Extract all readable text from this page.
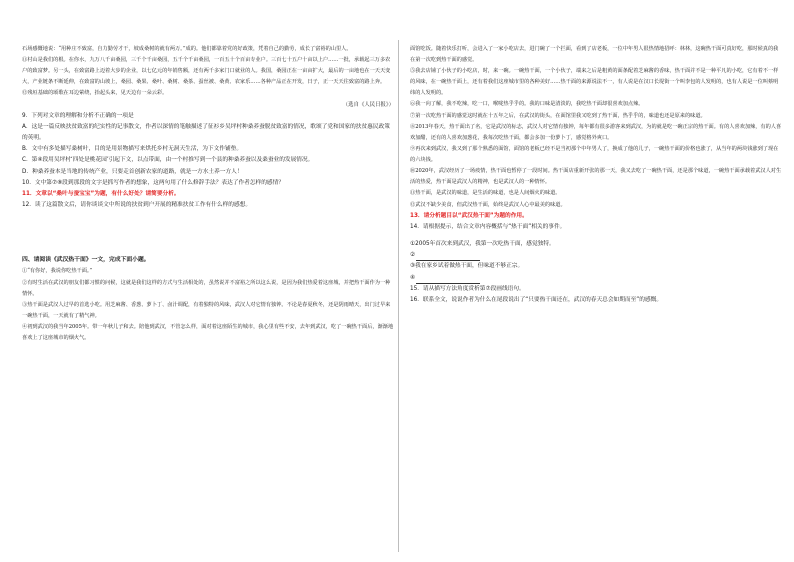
石场感慨地说：“用种庄不致富，自力勤劳才干，坡成桑树的就有两万。”成的。他们都靠着党的好政策，凭着自己的勤劳，成长了富裕的山里人。

⑪村山是我们的根。在你水，九万八千亩桑园，三千个千亩桑园，五千个千亩桑园，一百五十个百亩专业户。三百七十五户十亩以上户……一批，承载起三万多农户的致富梦。另一头，在致富路上迈着大步的企业，以七亿元的年销售额，还有两千多家门口就业的人。我国，桑园正在一亩亩扩大，最后的一亩地也在一天天变大，产业链条不断延伸，在致富的山坡上，桑园、桑果、桑叶、桑树、桑茶、蚕丝被、桑黄、农家乐……各种产品正在开发，日子，正一天天往致富的路上奔。

⑫残垣基础的颂歌在耳边萦绕，抬起头来，见天边有一朵云彩。

（选自《人民日报》）

9．下列对文章的理解和分析不正确的一项是

A．这是一篇反映扶贫致富的纪实性的记事散文，作者以深情的笔触描述了征衫乡吴坪村种桑养蚕脱贫致富的情况，歌颂了党和国家的扶贫惠民政策的英明。

B．文中有多处描写桑树叶，目的是用景物描写来烘托乡村无洞天生活，为下文作铺垫。

C．第④段用吴坪村‘四处是桃花园’引起下文，以点带面，由一个村推写到一个县的种桑养蚕以及桑蚕业的发展情况。

D．种桑养蚕本是当地的传统产业，只要走首创新农家的道路，就是一方水土养一方人！

10．文中第⑦⑧段到那段的文字是抓写作者的想象，这两句用了什么修辞手法？表达了作者怎样的感情？

11．文章以“桑叶与蚕宝宝”为题，有什么好处？请简要分析。

12．读了这篇散文后，请你谈谈文中所说的扶贫到户开展的精准扶贫工作有什么样的感想。

四、请阅读《武汉热干面》一文，完成下面小题。

①“有你好，我说你吃热干面。”

②有时生活在武汉的朋友们都习惯的问候，这就是我们这样的方式与生活相处的，虽然说并不富裕之所以这么说，是因为我们热爱着这座城，并把热干面作为一种情怀。

③热干面是武汉人过早的首选小吃。用芝麻酱、香葱、萝卜丁、卤汁调配，有着独特的风味，武汉人对它情有独钟。不论是春夏秋冬，还是阴雨晴天，出门过早来一碗热干面，一天就有了精气神。

④初到武汉的我当年2005年。带一年秋儿子和去。陪他到武汉，不管怎么样，面对着这座陌生的城市，我心里有些不安，去年到武汉，吃了一碗热干面后，渐渐地喜欢上了这座城市的烟火气。

面馆吃饭。随着快乐打听，会进入了一家小吃店去，进门碗了一个拦面，看到了店老板，一位中年男人很热情地招呼：林林，这碗热干面可真好吃，那时候真的我在第一次吃到热干面的感觉。

⑤我去店铺了小伙子的小吃店，时，来一碗。一碗热干面，一个小伙子，端来之后是粗黄的面条配着芝麻酱的香味，热干面并不是一种平凡的小吃，它有着不一样的风味，在一碗热干面上，还有着我们这座城市里的各种美好……热干面的来源说法不一，有人说是在汉口长堤街一个叫李包的人发明的，也有人说是一位叫蔡明纬的人发明的。

⑥我一向了解，我不吃辣，吃一口，喉咙热乎乎的。我的口味是清淡的，我吃热干面却很喜欢加点辣。

⑦第一次吃热干面的感觉这时就在十五年之后，在武汉的街头，在面馆里我又吃到了热干面，热乎乎的，味道也还是原来的味道。

⑧2013年春天，热干面出了名，它是武汉的标志，武汉人对它情有独钟，每年都有很多游客来到武汉，为的就是吃一碗正宗的热干面。有的人喜欢加辣，有的人喜欢加醋，还有的人喜欢加葱花，我每次吃热干面，都会多加一份萝卜丁，感觉格外爽口。

⑨再次来到武汉，我又到了那个熟悉的面馆，面馆的老板已经不是当初那个中年男人了，换成了他的儿子，一碗热干面的价格也涨了，从当年的两块钱涨到了现在的六块钱。

⑩2020年，武汉经历了一场疫情，热干面也暂停了一段时间。热干面店重新开张的那一天，我又去吃了一碗热干面，还是那个味道，一碗热干面承载着武汉人对生活的热爱，热干面是武汉人的精神，也是武汉人的一种情怀。

⑪热干面，是武汉的味道，是生活的味道，也是人间烟火的味道。

⑫武汉不缺少美食，但武汉热干面，始终是武汉人心中最美的味道。

13．请分析题目以“武汉热干面”为题的作用。

14．请根据提示，结合文章内容概括与“热干面”相关的事件。

①2005年首次来到武汉，我第一次吃热干面，感觉独特。

②

③我在家乡试着做热干面，但味道不够正宗。

④

15．请从描写方法角度赏析第⑦段画线语句。

16．联系全文，说说作者为什么在尾段说出了“只要热干面还在，武汉的春天总会如期而至”的感慨。
